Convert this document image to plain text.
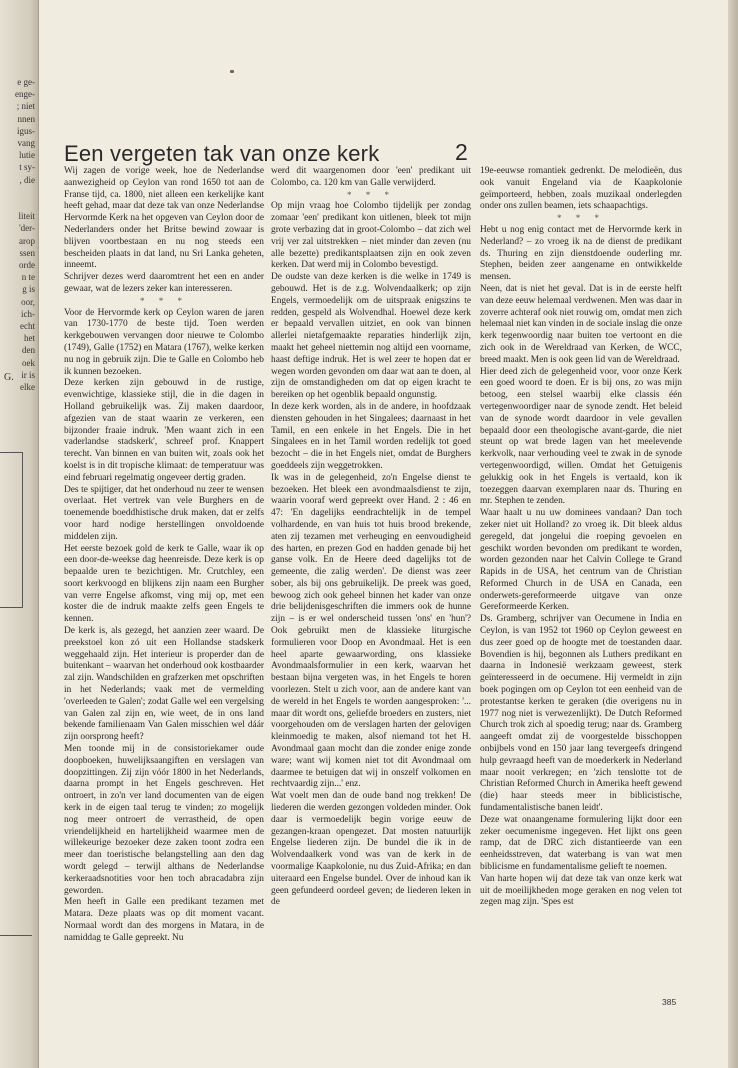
e ge-
enge-
; niet
nnen
igus-
vang
lutie
t sy-
, die

liteit
'der-
arop
ssen
orde
n te
g is
oor,
ich-
echt
het
den
oek
ir is
elke
G.
Een vergeten tak van onze kerk	2

Wij zagen de vorige week, hoe de Nederlandse aanwezigheid op Ceylon van rond 1650 tot aan de Franse tijd, ca. 1800, niet alleen een kerkelijke kant heeft gehad, maar dat deze tak van onze Nederlandse Hervormde Kerk na het opgeven van Ceylon door de Nederlanders onder het Britse bewind zowaar is blijven voortbestaan en nu nog steeds een bescheiden plaats in dat land, nu Sri Lanka geheten, inneemt.

Schrijver dezes werd daaromtrent het een en ander gewaar, wat de lezers zeker kan interesseren.

* * *

Voor de Hervormde kerk op Ceylon waren de jaren van 1730-1770 de beste tijd. Toen werden kerkgebouwen vervangen door nieuwe te Colombo (1749), Galle (1752) en Matara (1767), welke kerken nu nog in gebruik zijn. Die te Galle en Colombo heb ik kunnen bezoeken.

Deze kerken zijn gebouwd in de rustige, evenwichtige, klassieke stijl, die in die dagen in Holland gebruikelijk was. Zij maken daardoor, afgezien van de staat waarin ze verkeren, een bijzonder fraaie indruk. 'Men waant zich in een vaderlandse stadskerk', schreef prof. Knappert terecht. Van binnen en van buiten wit, zoals ook het koelst is in dit tropische klimaat: de temperatuur was eind februari regelmatig ongeveer dertig graden.

Des te spijtiger, dat het onderhoud nu zeer te wensen overlaat. Het vertrek van vele Burghers en de toenemende boeddhistische druk maken, dat er zelfs voor hard nodige herstellingen onvoldoende middelen zijn.

Het eerste bezoek gold de kerk te Galle, waar ik op een door-de-weekse dag heenreisde. Deze kerk is op bepaalde uren te bezichtigen. Mr. Crutchley, een soort kerkvoogd en blijkens zijn naam een Burgher van verre Engelse afkomst, ving mij op, met een koster die de indruk maakte zelfs geen Engels te kennen.

De kerk is, als gezegd, het aanzien zeer waard. De preekstoel kon zó uit een Hollandse stadskerk weggehaald zijn. Het interieur is properder dan de buitenkant – waarvan het onderhoud ook kostbaarder zal zijn. Wandschilden en grafzerken met opschriften in het Nederlands; vaak met de vermelding 'overleeden te Galen'; zodat Galle wel een vergelsing van Galen zal zijn en, wie weet, de in ons land bekende familienaam Van Galen misschien wel dáár zijn oorsprong heeft?

Men toonde mij in de consistoriekamer oude doopboeken, huwelijksaangiften en verslagen van doopzittingen. Zij zijn vóór 1800 in het Nederlands, daarna prompt in het Engels geschreven. Het ontroert, in zo'n ver land documenten van de eigen kerk in de eigen taal terug te vinden; zo mogelijk nog meer ontroert de verrastheid, de open vriendelijkheid en hartelijkheid waarmee men de willekeurige bezoeker deze zaken toont zodra een meer dan toeristische belangstelling aan den dag wordt gelegd – terwijl althans de Nederlandse kerkeraadsnotities voor hen toch abracadabra zijn geworden.

Men heeft in Galle een predikant tezamen met Matara. Deze plaats was op dit moment vacant. Normaal wordt dan des morgens in Matara, in de namiddag te Galle gepreekt. Nu

werd dit waargenomen door 'een' predikant uit Colombo, ca. 120 km van Galle verwijderd.

* * *

Op mijn vraag hoe Colombo tijdelijk per zondag zomaar 'een' predikant kon uitlenen, bleek tot mijn grote verbazing dat in groot-Colombo – dat zich wel vrij ver zal uitstrekken – niet minder dan zeven (nu alle bezette) predikantsplaatsen zijn en ook zeven kerken. Dat werd mij in Colombo bevestigd.

De oudste van deze kerken is die welke in 1749 is gebouwd. Het is de z.g. Wolvendaalkerk; op zijn Engels, vermoedelijk om de uitspraak enigszins te redden, gespeld als Wolvendhal. Hoewel deze kerk er bepaald vervallen uitziet, en ook van binnen allerlei nietafgemaakte reparaties hinderlijk zijn, maakt het geheel niettemin nog altijd een voorname, haast deftige indruk. Het is wel zeer te hopen dat er wegen worden gevonden om daar wat aan te doen, al zijn de omstandigheden om dat op eigen kracht te bereiken op het ogenblik bepaald ongunstig.

In deze kerk worden, als in de andere, in hoofdzaak diensten gehouden in het Singalees; daarnaast in het Tamil, en een enkele in het Engels. Die in het Singalees en in het Tamil worden redelijk tot goed bezocht – die in het Engels niet, omdat de Burghers goeddeels zijn weggetrokken.

Ik was in de gelegenheid, zo'n Engelse dienst te bezoeken. Het bleek een avondmaalsdienst te zijn, waarin vooraf werd gepreekt over Hand. 2 : 46 en 47: 'En dagelijks eendrachtelijk in de tempel volhardende, en van huis tot huis brood brekende, aten zij tezamen met verheuging en eenvoudigheid des harten, en prezen God en hadden genade bij het ganse volk. En de Heere deed dagelijks tot de gemeente, die zalig werden'. De dienst was zeer sober, als bij ons gebruikelijk. De preek was goed, bewoog zich ook geheel binnen het kader van onze drie belijdenisgeschriften die immers ook de hunne zijn – is er wel onderscheid tussen 'ons' en 'hun'? Ook gebruikt men de klassieke liturgische formulieren voor Doop en Avondmaal. Het is een heel aparte gewaarwording, ons klassieke Avondmaalsformulier in een kerk, waarvan het bestaan bijna vergeten was, in het Engels te horen voorlezen. Stelt u zich voor, aan de andere kant van de wereld in het Engels te worden aangesproken: '... maar dit wordt ons, geliefde broeders en zusters, niet voorgehouden om de verslagen harten der gelovigen kleinmoedig te maken, alsof niemand tot het H. Avondmaal gaan mocht dan die zonder enige zonde ware; want wij komen niet tot dit Avondmaal om daarmee te betuigen dat wij in onszelf volkomen en rechtvaardig zijn...' enz.

Wat voelt men dan de oude band nog trekken! De liederen die werden gezongen voldeden minder. Ook daar is vermoedelijk begin vorige eeuw de gezangen-kraan opengezet. Dat mosten natuurlijk Engelse liederen zijn. De bundel die ik in de Wolvendaalkerk vond was van de kerk in de voormalige Kaapkolonie, nu dus Zuid-Afrika; en dan uiteraard een Engelse bundel. Over de inhoud kan ik geen gefundeerd oordeel geven; de liederen leken in de

19e-eeuwse romantiek gedrenkt. De melodieën, dus ook vanuit Engeland via de Kaapkolonie geïmporteerd, hebben, zoals muzikaal onderlegden onder ons zullen beamen, iets schaapachtigs.

* * *

Hebt u nog enig contact met de Hervormde kerk in Nederland? – zo vroeg ik na de dienst de predikant ds. Thuring en zijn dienstdoende ouderling mr. Stephen, beiden zeer aangename en ontwikkelde mensen.

Neen, dat is niet het geval. Dat is in de eerste helft van deze eeuw helemaal verdwenen. Men was daar in zoverre achteraf ook niet rouwig om, omdat men zich helemaal niet kan vinden in de sociale inslag die onze kerk tegenwoordig naar buiten toe vertoont en die zich ook in de Wereldraad van Kerken, de WCC, breed maakt. Men is ook geen lid van de Wereldraad.

Hier deed zich de gelegenheid voor, voor onze Kerk een goed woord te doen. Er is bij ons, zo was mijn betoog, een stelsel waarbij elke classis één vertegenwoordiger naar de synode zendt. Het beleid van de synode wordt daardoor in vele gevallen bepaald door een theologische avant-garde, die niet steunt op wat brede lagen van het meelevende kerkvolk, naar verhouding veel te zwak in de synode vertegenwoordigd, willen. Omdat het Getuigenis gelukkig ook in het Engels is vertaald, kon ik toezeggen daarvan exemplaren naar ds. Thuring en mr. Stephen te zenden.

Waar haalt u nu uw dominees vandaan? Dan toch zeker niet uit Holland? zo vroeg ik. Dit bleek aldus geregeld, dat jongelui die roeping gevoelen en geschikt worden bevonden om predikant te worden, worden gezonden naar het Calvin College te Grand Rapids in de USA, het centrum van de Christian Reformed Church in de USA en Canada, een onderwets-gereformeerde uitgave van onze Gereformeerde Kerken.

Ds. Gramberg, schrijver van Oecumene in India en Ceylon, is van 1952 tot 1960 op Ceylon geweest en dus zeer goed op de hoogte met de toestanden daar. Bovendien is hij, begonnen als Luthers predikant en daarna in Indonesië werkzaam geweest, sterk geïnteresseerd in de oecumene. Hij vermeldt in zijn boek pogingen om op Ceylon tot een eenheid van de protestantse kerken te geraken (die overigens nu in 1977 nog niet is verwezenlijkt). De Dutch Reformed Church trok zich al spoedig terug; naar ds. Gramberg aangeeft omdat zij de voorgestelde bisschoppen onbijbels vond en 150 jaar lang tevergeefs dringend hulp gevraagd heeft van de moederkerk in Nederland maar nooit verkregen; en 'zich tenslotte tot de Christian Reformed Church in Amerika heeft gewend (die) haar steeds meer in biblicistische, fundamentalistische banen leidt'.

Deze wat onaangename formulering lijkt door een zeker oecumenisme ingegeven. Het lijkt ons geen ramp, dat de DRC zich distantieerde van een eenheidsstreven, dat waterbang is van wat men biblicisme en fundamentalisme gelieft te noemen.

Van harte hopen wij dat deze tak van onze kerk wat uit de moeilijkheden moge geraken en nog velen tot zegen mag zijn. 'Spes est

385
